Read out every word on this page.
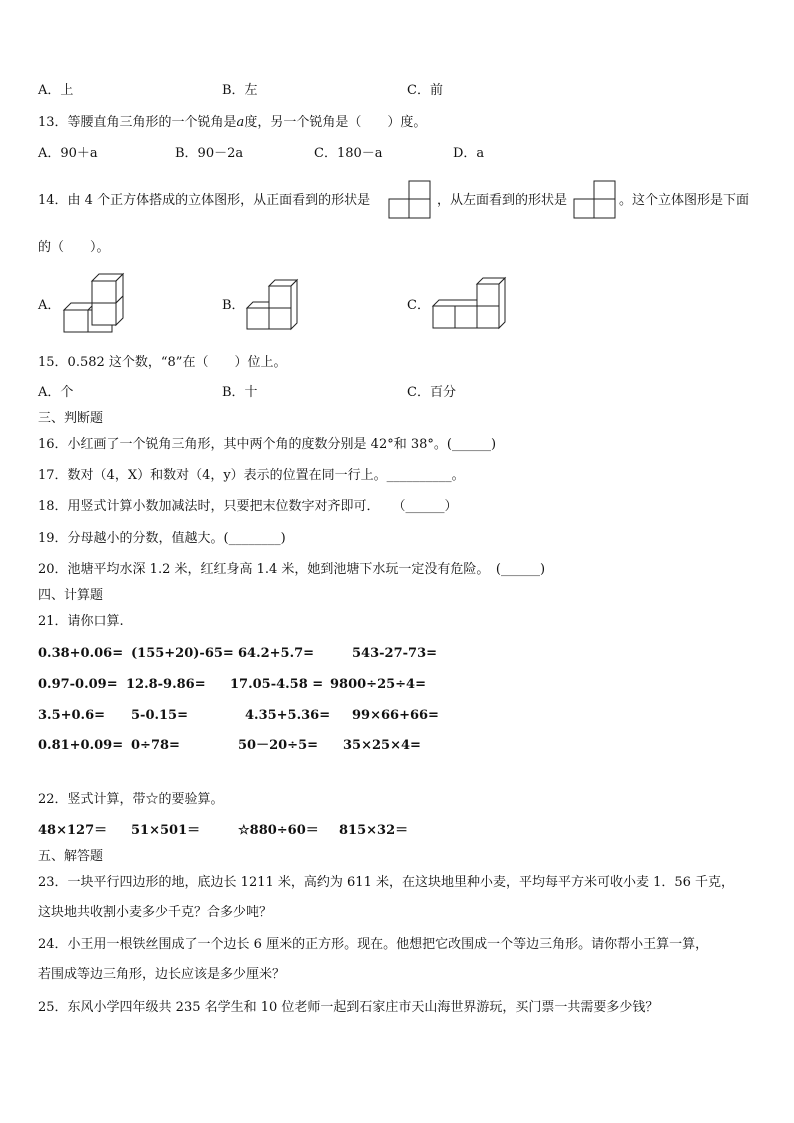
A．上	B．左	C．前
13．等腰直角三角形的一个锐角是a度，另一个锐角是（　　）度。
A．90＋a	B．90－2a	C．180－a	D．a
14．由 4 个正方体搭成的立体图形，从正面看到的形状是	，从左面看到的形状是	。这个立体图形是下面
的（　　）。
A．	B．	C．
15．0.582 这个数，“8”在（　　）位上。
A．个	B．十	C．百分
三、判断题
16．小红画了一个锐角三角形，其中两个角的度数分别是 42°和 38°。(______)
17．数对（4，X）和数对（4，y）表示的位置在同一行上。__________。
18．用竖式计算小数加减法时，只要把末位数字对齐即可．　　（______）
19．分母越小的分数，值越大。(________)
20．池塘平均水深 1.2 米，红红身高 1.4 米，她到池塘下水玩一定没有危险。　(______)
四、计算题
21．请你口算.
0.38+0.06= (155+20)-65= 64.2+5.7=	543-27-73=
0.97-0.09= 12.8-9.86= 17.05-4.58 = 9800÷25÷4=
3.5+0.6= 5-0.15=	4.35+5.36= 99×66+66=
0.81+0.09= 0÷78=	50－20÷5= 35×25×4=
22．竖式计算，带☆的要验算。
48×127＝ 51×501＝	☆880÷60＝ 815×32＝
五、解答题
23．一块平行四边形的地，底边长 1211 米，高约为 611 米，在这块地里种小麦，平均每平方米可收小麦 1．56 千克，
这块地共收割小麦多少千克？合多少吨？
24．小王用一根铁丝围成了一个边长 6 厘米的正方形。现在。他想把它改围成一个等边三角形。请你帮小王算一算，
若围成等边三角形，边长应该是多少厘米？
25．东风小学四年级共 235 名学生和 10 位老师一起到石家庄市天山海世界游玩，买门票一共需要多少钱？
